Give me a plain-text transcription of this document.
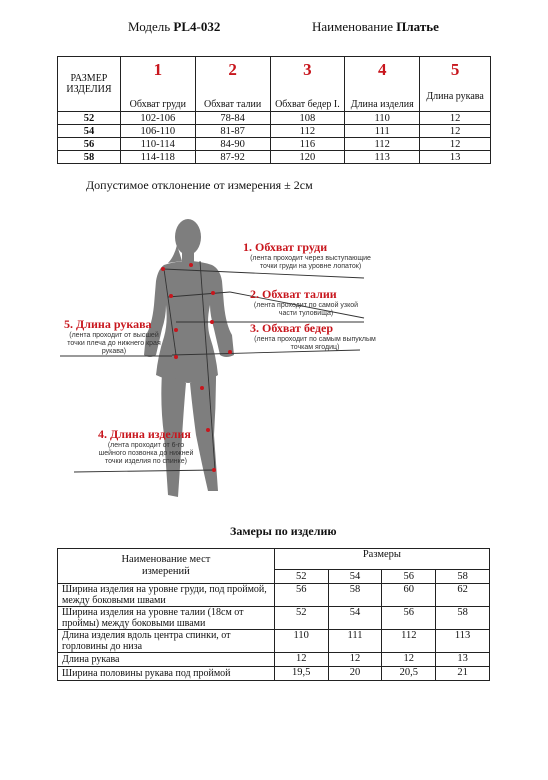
Модель PL4-032	Наименование Платье
РАЗМЕР ИЗДЕЛИЯ	1	2	3	4	5
	Обхват груди	Обхват талии	Обхват бедер I.	Длина изделия	Длина рукава
52	102-106	78-84	108	110	12
54	106-110	81-87	112	111	12
56	110-114	84-90	116	112	12
58	114-118	87-92	120	113	13
Допустимое отклонение от измерения ± 2см
1. Обхват груди
(лента проходит через выступающие точки груди на уровне лопаток)
2. Обхват талии
(лента проходит по самой узкой части туловища)
3. Обхват бедер
(лента проходит по самым выпуклым точкам ягодиц)
5. Длина рукава
(лента проходит от высшей точки плеча до нижнего края рукава)
4. Длина изделия
(лента проходит от 6-го шейного позвонка до нижней точки изделия по спинке)
Замеры по изделию
Наименование мест измерений	Размеры			
	52	54	56	58
Ширина изделия на уровне груди, под проймой, между боковыми швами	56	58	60	62
Ширина изделия на уровне талии (18см от проймы) между боковыми швами	52	54	56	58
Длина изделия вдоль центра спинки, от горловины до низа	110	111	112	113
Длина рукава	12	12	12	13
Ширина половины рукава под проймой	19,5	20	20,5	21
